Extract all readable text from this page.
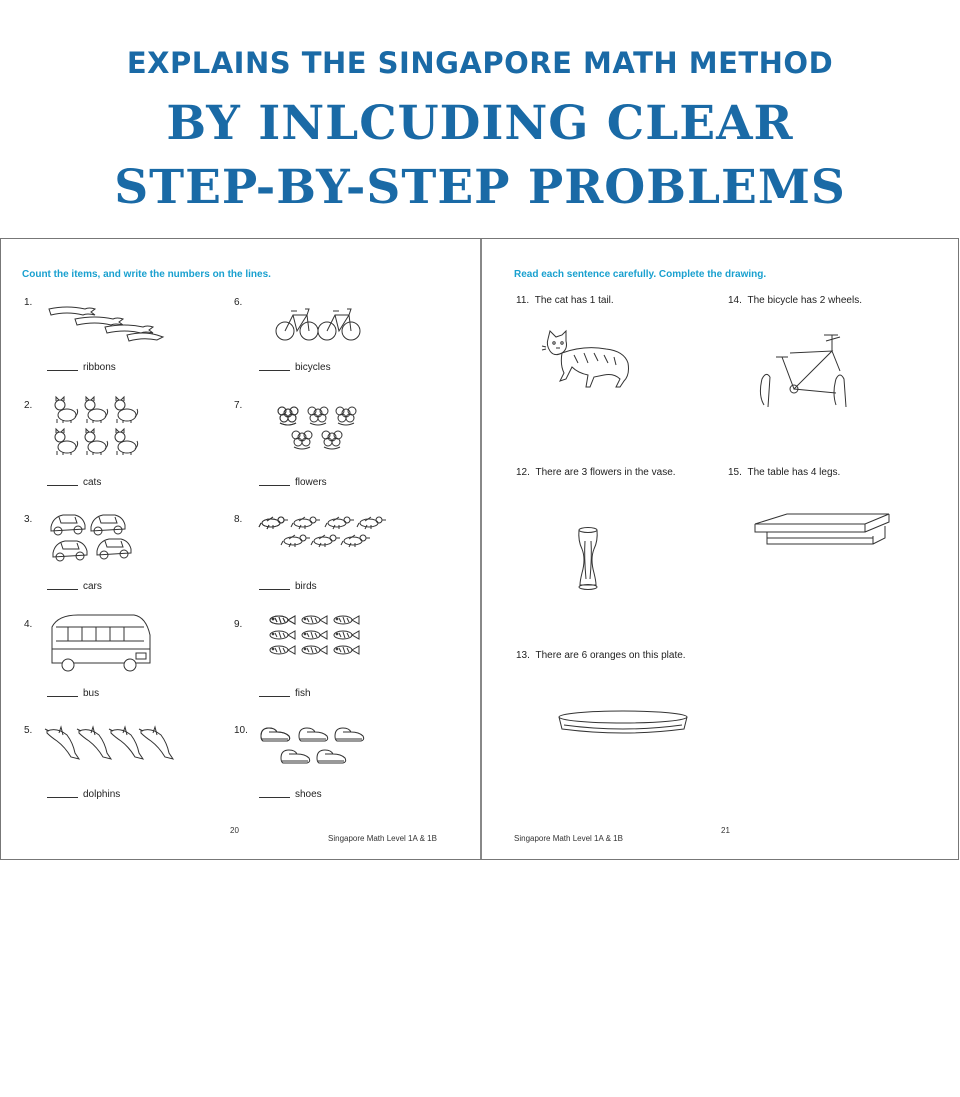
EXPLAINS THE SINGAPORE MATH METHOD
BY INLCUDING CLEAR
STEP-BY-STEP PROBLEMS
Count the items, and write the numbers on the lines.
1.
ribbons
2.
cats
3.
cars
4.
bus
5.
dolphins
6.
bicycles
7.
flowers
8.
birds
9.
fish
10.
shoes
20
Singapore Math Level 1A & 1B
Read each sentence carefully. Complete the drawing.
11. The cat has 1 tail.	14. The bicycle has 2 wheels.
12. There are 3 flowers in the vase.	15. The table has 4 legs.
13. There are 6 oranges on this plate.
Singapore Math Level 1A & 1B
21
